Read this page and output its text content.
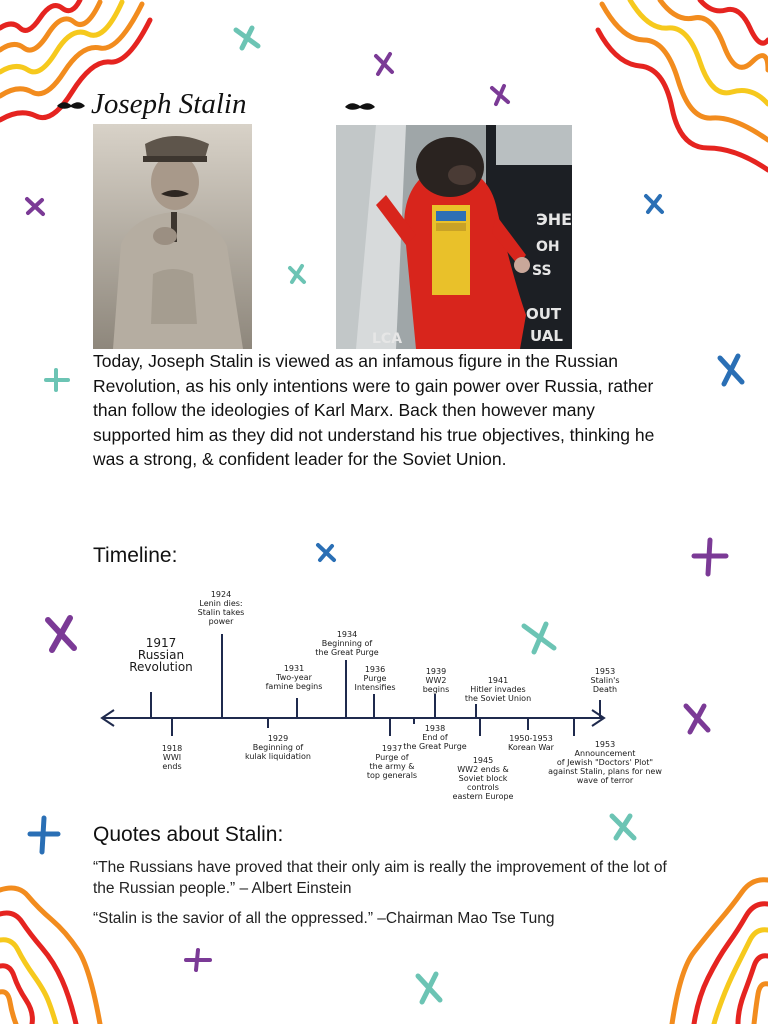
Joseph Stalin
ЭHE
OH
SS
OUT
UAL
LCA
Today, Joseph Stalin is viewed as an infamous figure in the Russian Revolution, as his only intentions were to gain power over Russia, rather than follow the ideologies of Karl Marx. Back then however many supported him as they did not understand his true objectives, thinking he was a strong, & confident leader for the Soviet Union.
Timeline:
1917
Russian
Revolution
1924
Lenin dies:
Stalin takes
power
1931
Two-year
famine begins
1934
Beginning of
the Great Purge
1936
Purge
Intensifies
1939
WW2
begins
1941
Hitler invades
the Soviet Union
1953
Stalin's
Death
1918
WWI
ends
1929
Beginning of
kulak liquidation
1937
Purge of
the army &
top generals
1938
End of
the Great Purge
1945
WW2 ends &
Soviet block
controls
eastern Europe
1950-1953
Korean War	1953
Announcement
of Jewish "Doctors' Plot"
against Stalin, plans for new
wave of terror
Quotes about Stalin:
“The Russians have proved that their only aim is really the improvement of the lot of the Russian people.” – Albert Einstein
“Stalin is the savior of all the oppressed.” –Chairman Mao Tse Tung
